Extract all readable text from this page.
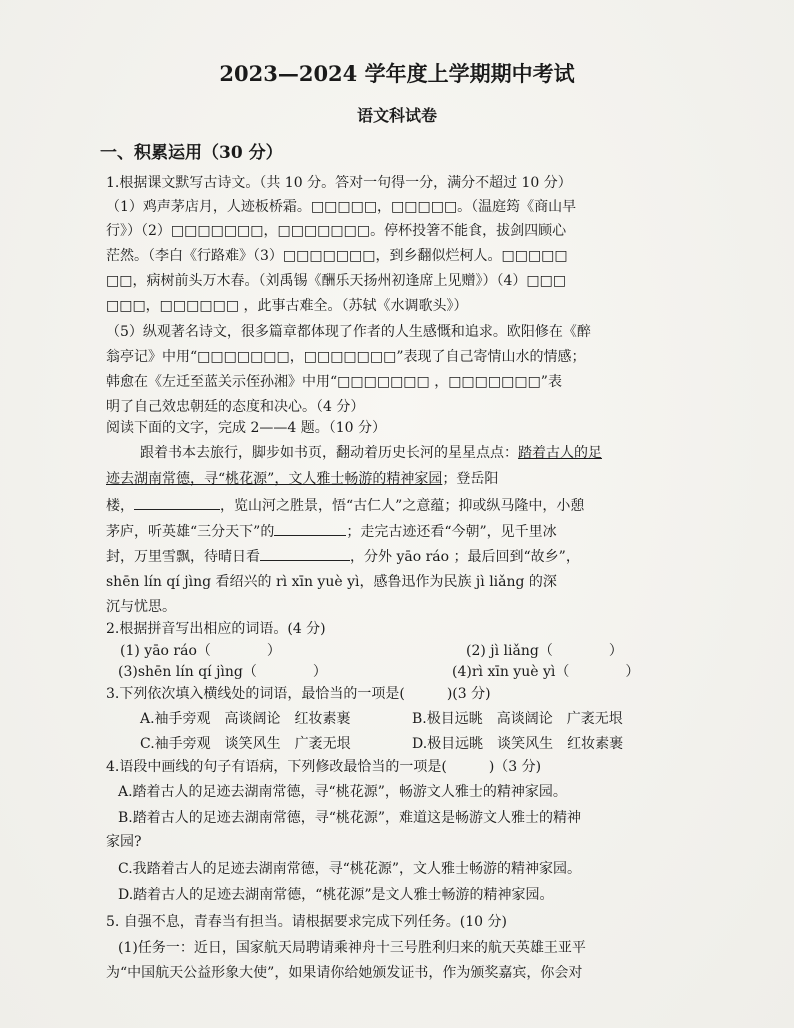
2023—2024 学年度上学期期中考试
语文科试卷
一、积累运用（30 分）
1.根据课文默写古诗文。（共 10 分。答对一句得一分，满分不超过 10 分）
（1）鸡声茅店月，人迹板桥霜。□□□□□，□□□□□。（温庭筠《商山早
行》）（2）□□□□□□□，□□□□□□□。停杯投箸不能食，拔剑四顾心
茫然。（李白《行路难》（3）□□□□□□□，到乡翻似烂柯人。□□□□□
□□，病树前头万木春。（刘禹锡《酬乐天扬州初逢席上见赠》）（4）□□□
□□□，□□□□□□ ，此事古难全。（苏轼《水调歌头》）
（5）纵观著名诗文，很多篇章都体现了作者的人生感慨和追求。欧阳修在《醉
翁亭记》中用“□□□□□□□，□□□□□□□”表现了自己寄情山水的情感；
韩愈在《左迁至蓝关示侄孙湘》中用“□□□□□□□ ，□□□□□□□”表
明了自己效忠朝廷的态度和决心。（4 分）
阅读下面的文字，完成 2——4 题。（10 分）
跟着书本去旅行，脚步如书页，翻动着历史长河的星星点点：踏着古人的足
迹去湖南常德，寻“桃花源”，文人雅士畅游的精神家园；登岳阳
楼，	，览山河之胜景，悟“古仁人”之意蕴；抑或纵马隆中，小憩
茅庐，听英雄“三分天下”的	；走完古迹还看“今朝”，见千里冰
封，万里雪飘，待晴日看	，分外 yāo ráo ；最后回到“故乡”，
shēn lín qí jìng 看绍兴的 rì xīn yuè yì，感鲁迅作为民族 jì liǎng 的深
沉与忧思。
2.根据拼音写出相应的词语。(4 分)
(1) yāo ráo（　　　　）	(2) jì liǎng（　　　　）
(3)shēn lín qí jìng（　　　　）	(4)rì xīn yuè yì（　　　　）
3.下列依次填入横线处的词语，最恰当的一项是(　　　)(3 分)
A.袖手旁观　高谈阔论　红妆素裹	B.极目远眺　高谈阔论　广袤无垠
C.袖手旁观　谈笑风生　广袤无垠	D.极目远眺　谈笑风生　红妆素裹
4.语段中画线的句子有语病，下列修改最恰当的一项是(　　　)（3 分)
A.踏着古人的足迹去湖南常德，寻“桃花源”，畅游文人雅士的精神家园。
B.踏着古人的足迹去湖南常德，寻“桃花源”，难道这是畅游文人雅士的精神
家园?
C.我踏着古人的足迹去湖南常德，寻“桃花源”，文人雅士畅游的精神家园。
D.踏着古人的足迹去湖南常德，“桃花源”是文人雅士畅游的精神家园。
5. 自强不息，青春当有担当。请根据要求完成下列任务。(10 分)
(1)任务一：近日，国家航天局聘请乘神舟十三号胜利归来的航天英雄王亚平
为“中国航天公益形象大使”，如果请你给她颁发证书，作为颁奖嘉宾，你会对
